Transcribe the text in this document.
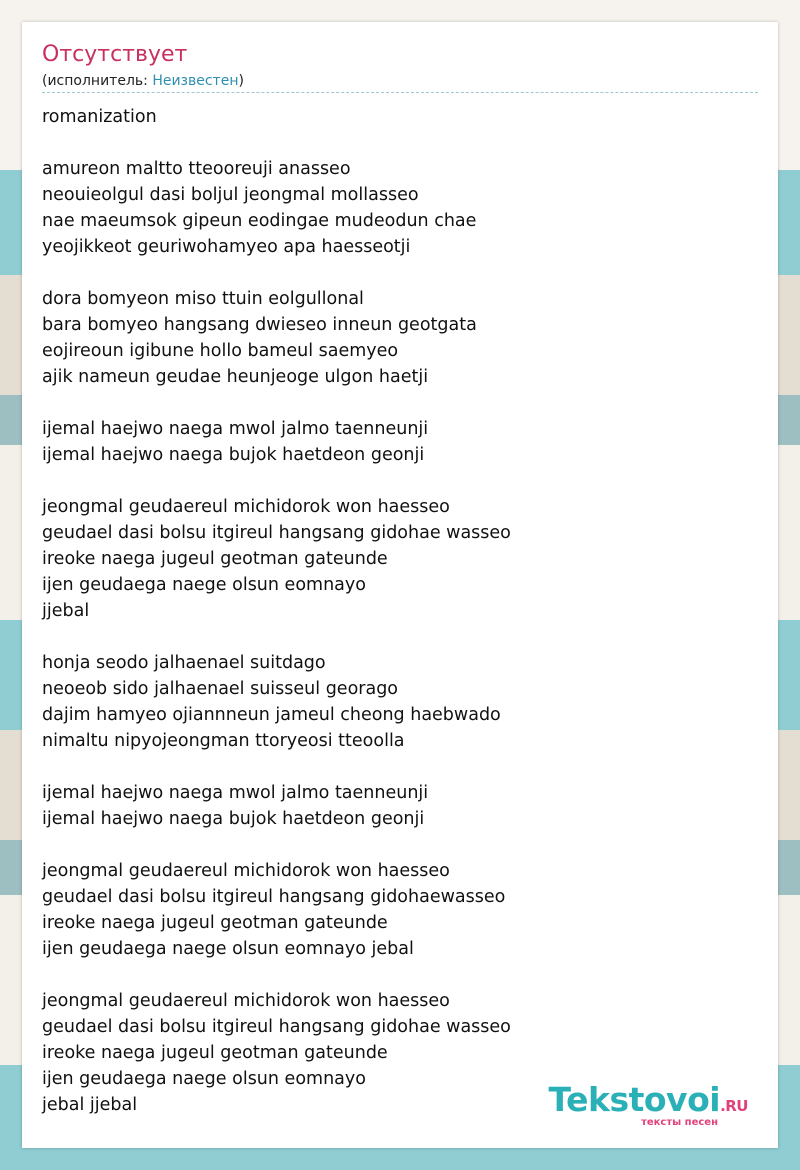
Отсутствует
(исполнитель: Неизвестен)
romanization
amureon maltto tteooreuji anasseo
neouieolgul dasi boljul jeongmal mollasseo
nae maeumsok gipeun eodingae mudeodun chae
yeojikkeot geuriwohamyeo apa haesseotji
dora bomyeon miso ttuin eolgullonal
bara bomyeo hangsang dwieseo inneun geotgata
eojireoun igibune hollo bameul saemyeo
ajik nameun geudae heunjeoge ulgon haetji
ijemal haejwo naega mwol jalmo taenneunji
ijemal haejwo naega bujok haetdeon geonji
jeongmal geudaereul michidorok won haesseo
geudael dasi bolsu itgireul hangsang gidohae wasseo
ireoke naega jugeul geotman gateunde
ijen geudaega naege olsun eomnayo
jjebal
honja seodo jalhaenael suitdago
neoeob sido jalhaenael suisseul georago
dajim hamyeo ojiannneun jameul cheong haebwado
nimaltu nipyojeongman ttoryeosi tteoolla
ijemal haejwo naega mwol jalmo taenneunji
ijemal haejwo naega bujok haetdeon geonji
jeongmal geudaereul michidorok won haesseo
geudael dasi bolsu itgireul hangsang gidohaewasseo
ireoke naega jugeul geotman gateunde
ijen geudaega naege olsun eomnayo jebal
jeongmal geudaereul michidorok won haesseo
geudael dasi bolsu itgireul hangsang gidohae wasseo
ireoke naega jugeul geotman gateunde
ijen geudaega naege olsun eomnayo
jebal jjebal	Tekstovoi.RU
тексты песен
